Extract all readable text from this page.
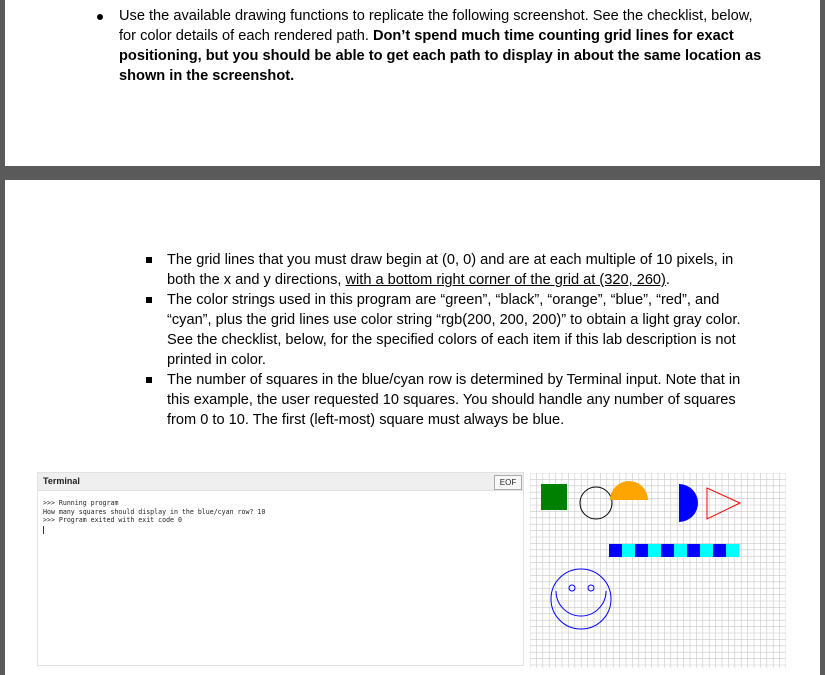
Use the available drawing functions to replicate the following screenshot. See the checklist, below, for color details of each rendered path. Don’t spend much time counting grid lines for exact positioning, but you should be able to get each path to display in about the same location as shown in the screenshot.
The grid lines that you must draw begin at (0, 0) and are at each multiple of 10 pixels, in both the x and y directions, with a bottom right corner of the grid at (320, 260).
The color strings used in this program are “green”, “black”, “orange”, “blue”, “red”, and “cyan”, plus the grid lines use color string “rgb(200, 200, 200)” to obtain a light gray color. See the checklist, below, for the specified colors of each item if this lab description is not printed in color.
The number of squares in the blue/cyan row is determined by Terminal input. Note that in this example, the user requested 10 squares. You should handle any number of squares from 0 to 10. The first (left-most) square must always be blue.
Terminal	EOF
>>> Running program
How many squares should display in the blue/cyan row? 10
>>> Program exited with exit code 0
